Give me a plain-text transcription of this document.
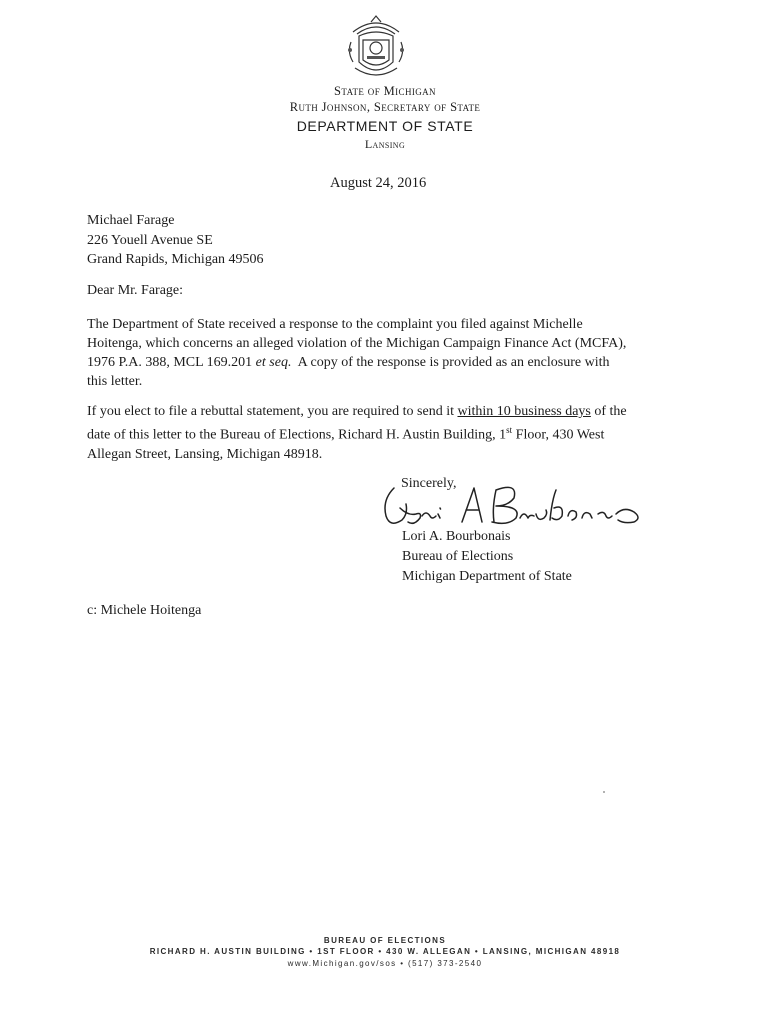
State of Michigan
Ruth Johnson, Secretary of State
DEPARTMENT OF STATE
Lansing
August 24, 2016
Michael Farage
226 Youell Avenue SE
Grand Rapids, Michigan 49506
Dear Mr. Farage:
The Department of State received a response to the complaint you filed against Michelle
Hoitenga, which concerns an alleged violation of the Michigan Campaign Finance Act (MCFA),
1976 P.A. 388, MCL 169.201 et seq.  A copy of the response is provided as an enclosure with
this letter.
If you elect to file a rebuttal statement, you are required to send it within 10 business days of the
date of this letter to the Bureau of Elections, Richard H. Austin Building, 1st Floor, 430 West
Allegan Street, Lansing, Michigan 48918.
Sincerely,
Lori A. Bourbonais
Bureau of Elections
Michigan Department of State
c: Michele Hoitenga
BUREAU OF ELECTIONS
RICHARD H. AUSTIN BUILDING • 1ST FLOOR • 430 W. ALLEGAN • LANSING, MICHIGAN 48918
www.Michigan.gov/sos • (517) 373-2540
